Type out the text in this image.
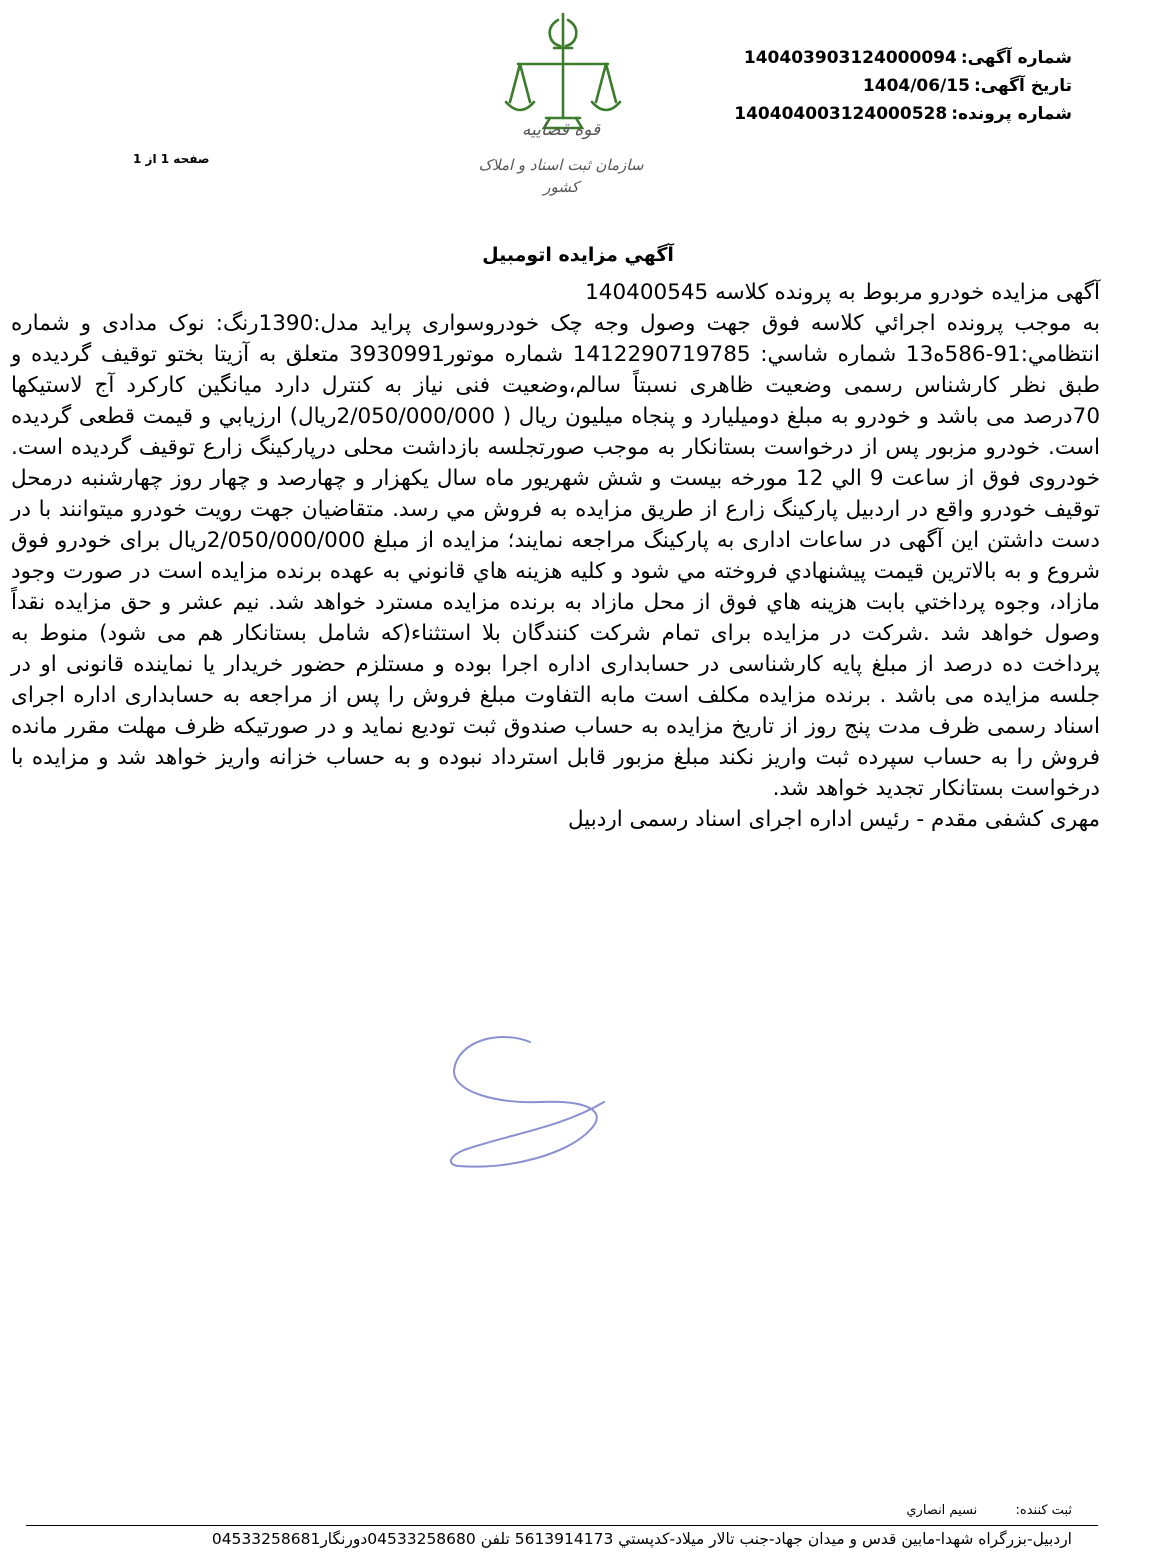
شماره آگهی:140403903124000094
تاریخ آگهی:1404/06/15
شماره پرونده:140404003124000528
صفحه 1 از 1
قوه قضاییه
سازمان ثبت اسناد و املاک کشور
آگهي مزايده اتومبيل

آگهی مزایده خودرو مربوط به پرونده کلاسه 140400545

به موجب پرونده اجرائي كلاسه فوق جهت وصول وجه چک خودروسواری پراید مدل:1390رنگ: نوک مدادی و شماره انتظامي:91-586ه13 شماره شاسي: 1412290719785 شماره موتور3930991 متعلق به آزیتا بختو توقیف گردیده و طبق نظر كارشناس رسمی وضعیت ظاهری نسبتاً سالم،وضعیت فنی نیاز به کنترل دارد میانگین کارکرد آج لاستیکها 70درصد می باشد و خودرو به مبلغ دومیلیارد و پنجاه میلیون ریال ( 2/050/000/000ریال) ارزيابي و قیمت قطعی گردیده است. خودرو مزبور پس از درخواست بستانکار به موجب صورتجلسه بازداشت محلی درپارکینگ زارع توقیف گردیده است. خودروی فوق از ساعت 9 الي 12 مورخه بیست و شش شهریور ماه سال یکهزار و چهارصد و چهار روز چهارشنبه درمحل توقیف خودرو واقع در اردبیل پارکینگ زارع از طريق مزايده به فروش مي رسد. متقاضيان جهت رويت خودرو ميتوانند با در دست داشتن این آگهی در ساعات اداری به پارکینگ مراجعه نمایند؛ مزايده از مبلغ 2/050/000/000ریال برای خودرو فوق شروع و به بالاترين قيمت پيشنهادي فروخته مي شود و كليه هزينه هاي قانوني به عهده برنده مزايده است در صورت وجود مازاد، وجوه پرداختي بابت هزينه هاي فوق از محل مازاد به برنده مزايده مسترد خواهد شد. نيم عشر و حق مزايده نقداً وصول خواهد شد .شرکت در مزایده برای تمام شرکت کنندگان بلا استثناء(که شامل بستانکار هم می شود) منوط به پرداخت ده درصد از مبلغ پایه کارشناسی در حسابداری اداره اجرا بوده و مستلزم حضور خریدار یا نماینده قانونی او در جلسه مزایده می باشد . برنده مزایده مکلف است مابه التفاوت مبلغ فروش را پس از مراجعه به حسابداری اداره اجرای اسناد رسمی ظرف مدت پنج روز از تاریخ مزایده به حساب صندوق ثبت تودیع نماید و در صورتیکه ظرف مهلت مقرر مانده فروش را به حساب سپرده ثبت واریز نکند مبلغ مزبور قابل استرداد نبوده و به حساب خزانه واریز خواهد شد و مزایده با درخواست بستانکار تجدید خواهد شد.

مهری کشفی مقدم - رئیس اداره اجرای اسناد رسمی اردبیل

ثبت کننده:  نسیم انصاري
اردبیل-بزرگراه شهدا-مابين قدس و میدان جهاد-جنب تالار ميلاد-کدپستي 5613914173 تلفن 04533258680دورنگار04533258681
